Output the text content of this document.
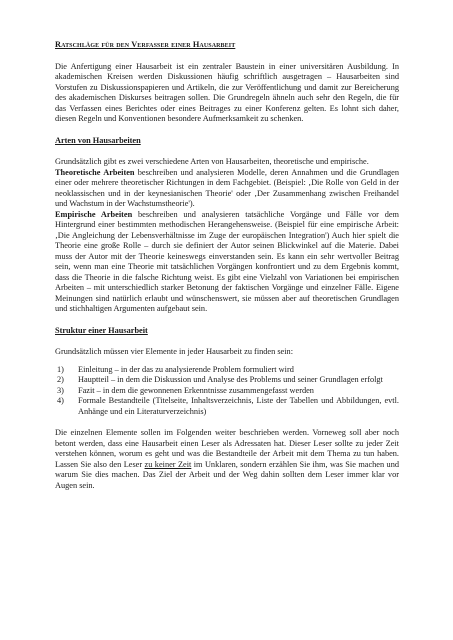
Ratschläge für den Verfasser einer Hausarbeit

Die Anfertigung einer Hausarbeit ist ein zentraler Baustein in einer universitären Ausbildung. In akademischen Kreisen werden Diskussionen häufig schriftlich ausgetragen – Hausarbeiten sind Vorstufen zu Diskussionspapieren und Artikeln, die zur Veröffentlichung und damit zur Bereicherung des akademischen Diskurses beitragen sollen. Die Grundregeln ähneln auch sehr den Regeln, die für das Verfassen eines Berichtes oder eines Beitrages zu einer Konferenz gelten. Es lohnt sich daher, diesen Regeln und Konventionen besondere Aufmerksamkeit zu schenken.

Arten von Hausarbeiten

Grundsätzlich gibt es zwei verschiedene Arten von Hausarbeiten, theoretische und empirische.

Theoretische Arbeiten beschreiben und analysieren Modelle, deren Annahmen und die Grundlagen einer oder mehrere theoretischer Richtungen in dem Fachgebiet. (Beispiel: ‚Die Rolle von Geld in der neoklassischen und in der keynesianischen Theorie' oder ‚Der Zusammenhang zwischen Freihandel und Wachstum in der Wachstumstheorie').

Empirische Arbeiten beschreiben und analysieren tatsächliche Vorgänge und Fälle vor dem Hintergrund einer bestimmten methodischen Herangehensweise. (Beispiel für eine empirische Arbeit: ‚Die Angleichung der Lebensverhältnisse im Zuge der europäischen Integration') Auch hier spielt die Theorie eine große Rolle – durch sie definiert der Autor seinen Blickwinkel auf die Materie. Dabei muss der Autor mit der Theorie keineswegs einverstanden sein. Es kann ein sehr wertvoller Beitrag sein, wenn man eine Theorie mit tatsächlichen Vorgängen konfrontiert und zu dem Ergebnis kommt, dass die Theorie in die falsche Richtung weist. Es gibt eine Vielzahl von Variationen bei empirischen Arbeiten – mit unterschiedlich starker Betonung der faktischen Vorgänge und einzelner Fälle. Eigene Meinungen sind natürlich erlaubt und wünschenswert, sie müssen aber auf theoretischen Grundlagen und stichhaltigen Argumenten aufgebaut sein.

Struktur einer Hausarbeit

Grundsätzlich müssen vier Elemente in jeder Hausarbeit zu finden sein:

1)	Einleitung – in der das zu analysierende Problem formuliert wird
2)	Hauptteil – in dem die Diskussion und Analyse des Problems und seiner Grundlagen erfolgt
3)	Fazit – in dem die gewonnenen Erkenntnisse zusammengefasst werden
4)	Formale Bestandteile (Titelseite, Inhaltsverzeichnis, Liste der Tabellen und Abbildungen, evtl. Anhänge und ein Literaturverzeichnis)

Die einzelnen Elemente sollen im Folgenden weiter beschrieben werden. Vorneweg soll aber noch betont werden, dass eine Hausarbeit einen Leser als Adressaten hat. Dieser Leser sollte zu jeder Zeit verstehen können, worum es geht und was die Bestandteile der Arbeit mit dem Thema zu tun haben. Lassen Sie also den Leser zu keiner Zeit im Unklaren, sondern erzählen Sie ihm, was Sie machen und warum Sie dies machen. Das Ziel der Arbeit und der Weg dahin sollten dem Leser immer klar vor Augen sein.
